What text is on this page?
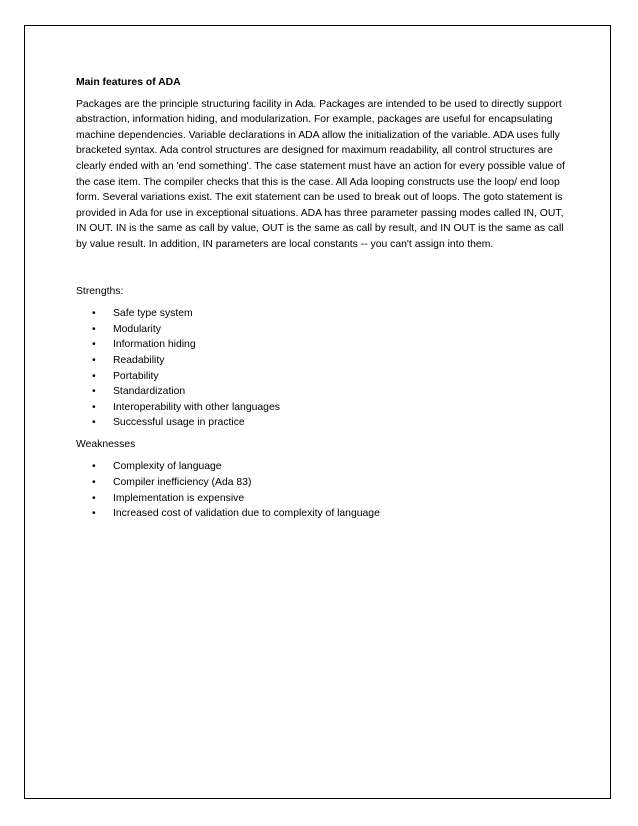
Main features of ADA

Packages are the principle structuring facility in Ada. Packages are intended to be used to directly support abstraction, information hiding, and modularization. For example, packages are useful for encapsulating machine dependencies. Variable declarations in ADA allow the initialization of the variable. ADA uses fully bracketed syntax. Ada control structures are designed for maximum readability, all control structures are clearly ended with an 'end something'. The case statement must have an action for every possible value of the case item. The compiler checks that this is the case. All Ada looping constructs use the loop/ end loop form. Several variations exist. The exit statement can be used to break out of loops. The goto statement is provided in Ada for use in exceptional situations. ADA has three parameter passing modes called IN, OUT, IN OUT. IN is the same as call by value, OUT is the same as call by result, and IN OUT is the same as call by value result. In addition, IN parameters are local constants -- you can't assign into them.

Strengths:

• Safe type system
• Modularity
• Information hiding
• Readability
• Portability
• Standardization
• Interoperability with other languages
• Successful usage in practice

Weaknesses

• Complexity of language
• Compiler inefficiency (Ada 83)
• Implementation is expensive
• Increased cost of validation due to complexity of language
